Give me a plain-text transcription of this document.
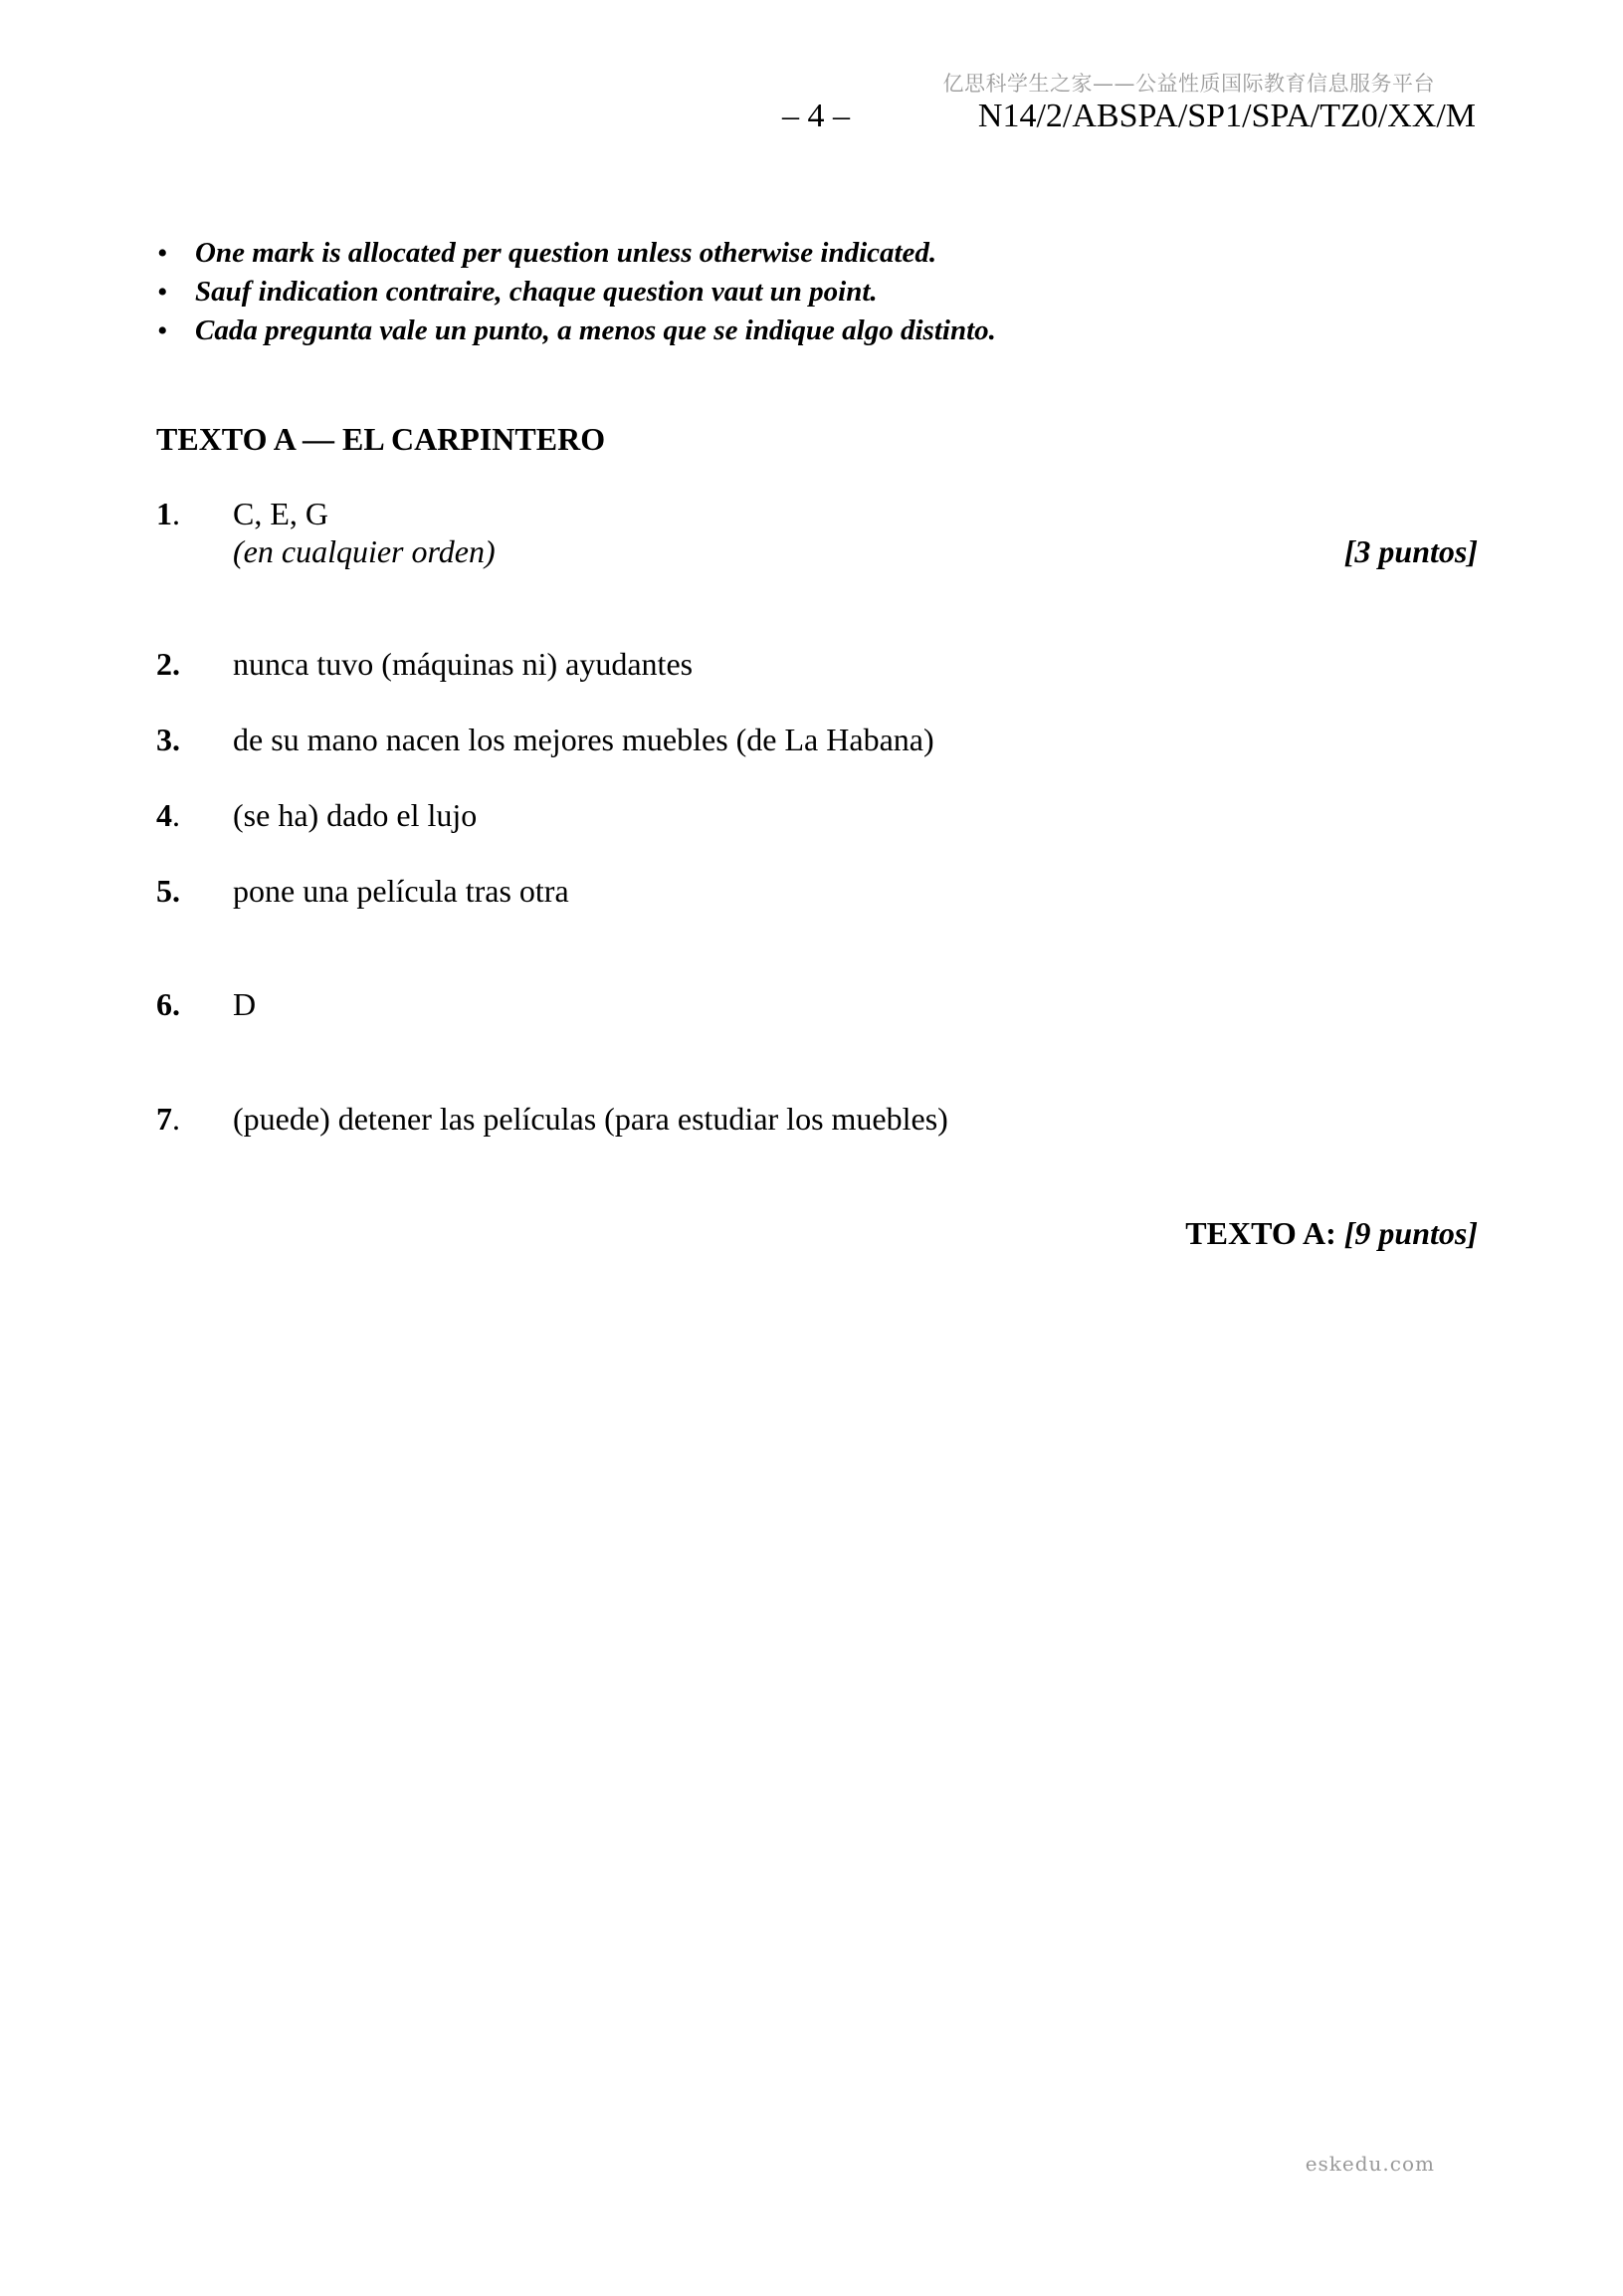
亿思科学生之家——公益性质国际教育信息服务平台
– 4 –	N14/2/ABSPA/SP1/SPA/TZ0/XX/M
• One mark is allocated per question unless otherwise indicated.
• Sauf indication contraire, chaque question vaut un point.
• Cada pregunta vale un punto, a menos que se indique algo distinto.
TEXTO A — EL CARPINTERO
1. C, E, G
(en cualquier orden)	[3 puntos]
2. nunca tuvo (máquinas ni) ayudantes
3. de su mano nacen los mejores muebles (de La Habana)
4. (se ha) dado el lujo
5. pone una película tras otra
6. D
7. (puede) detener las películas (para estudiar los muebles)
TEXTO A: [9 puntos]
eskedu.com
